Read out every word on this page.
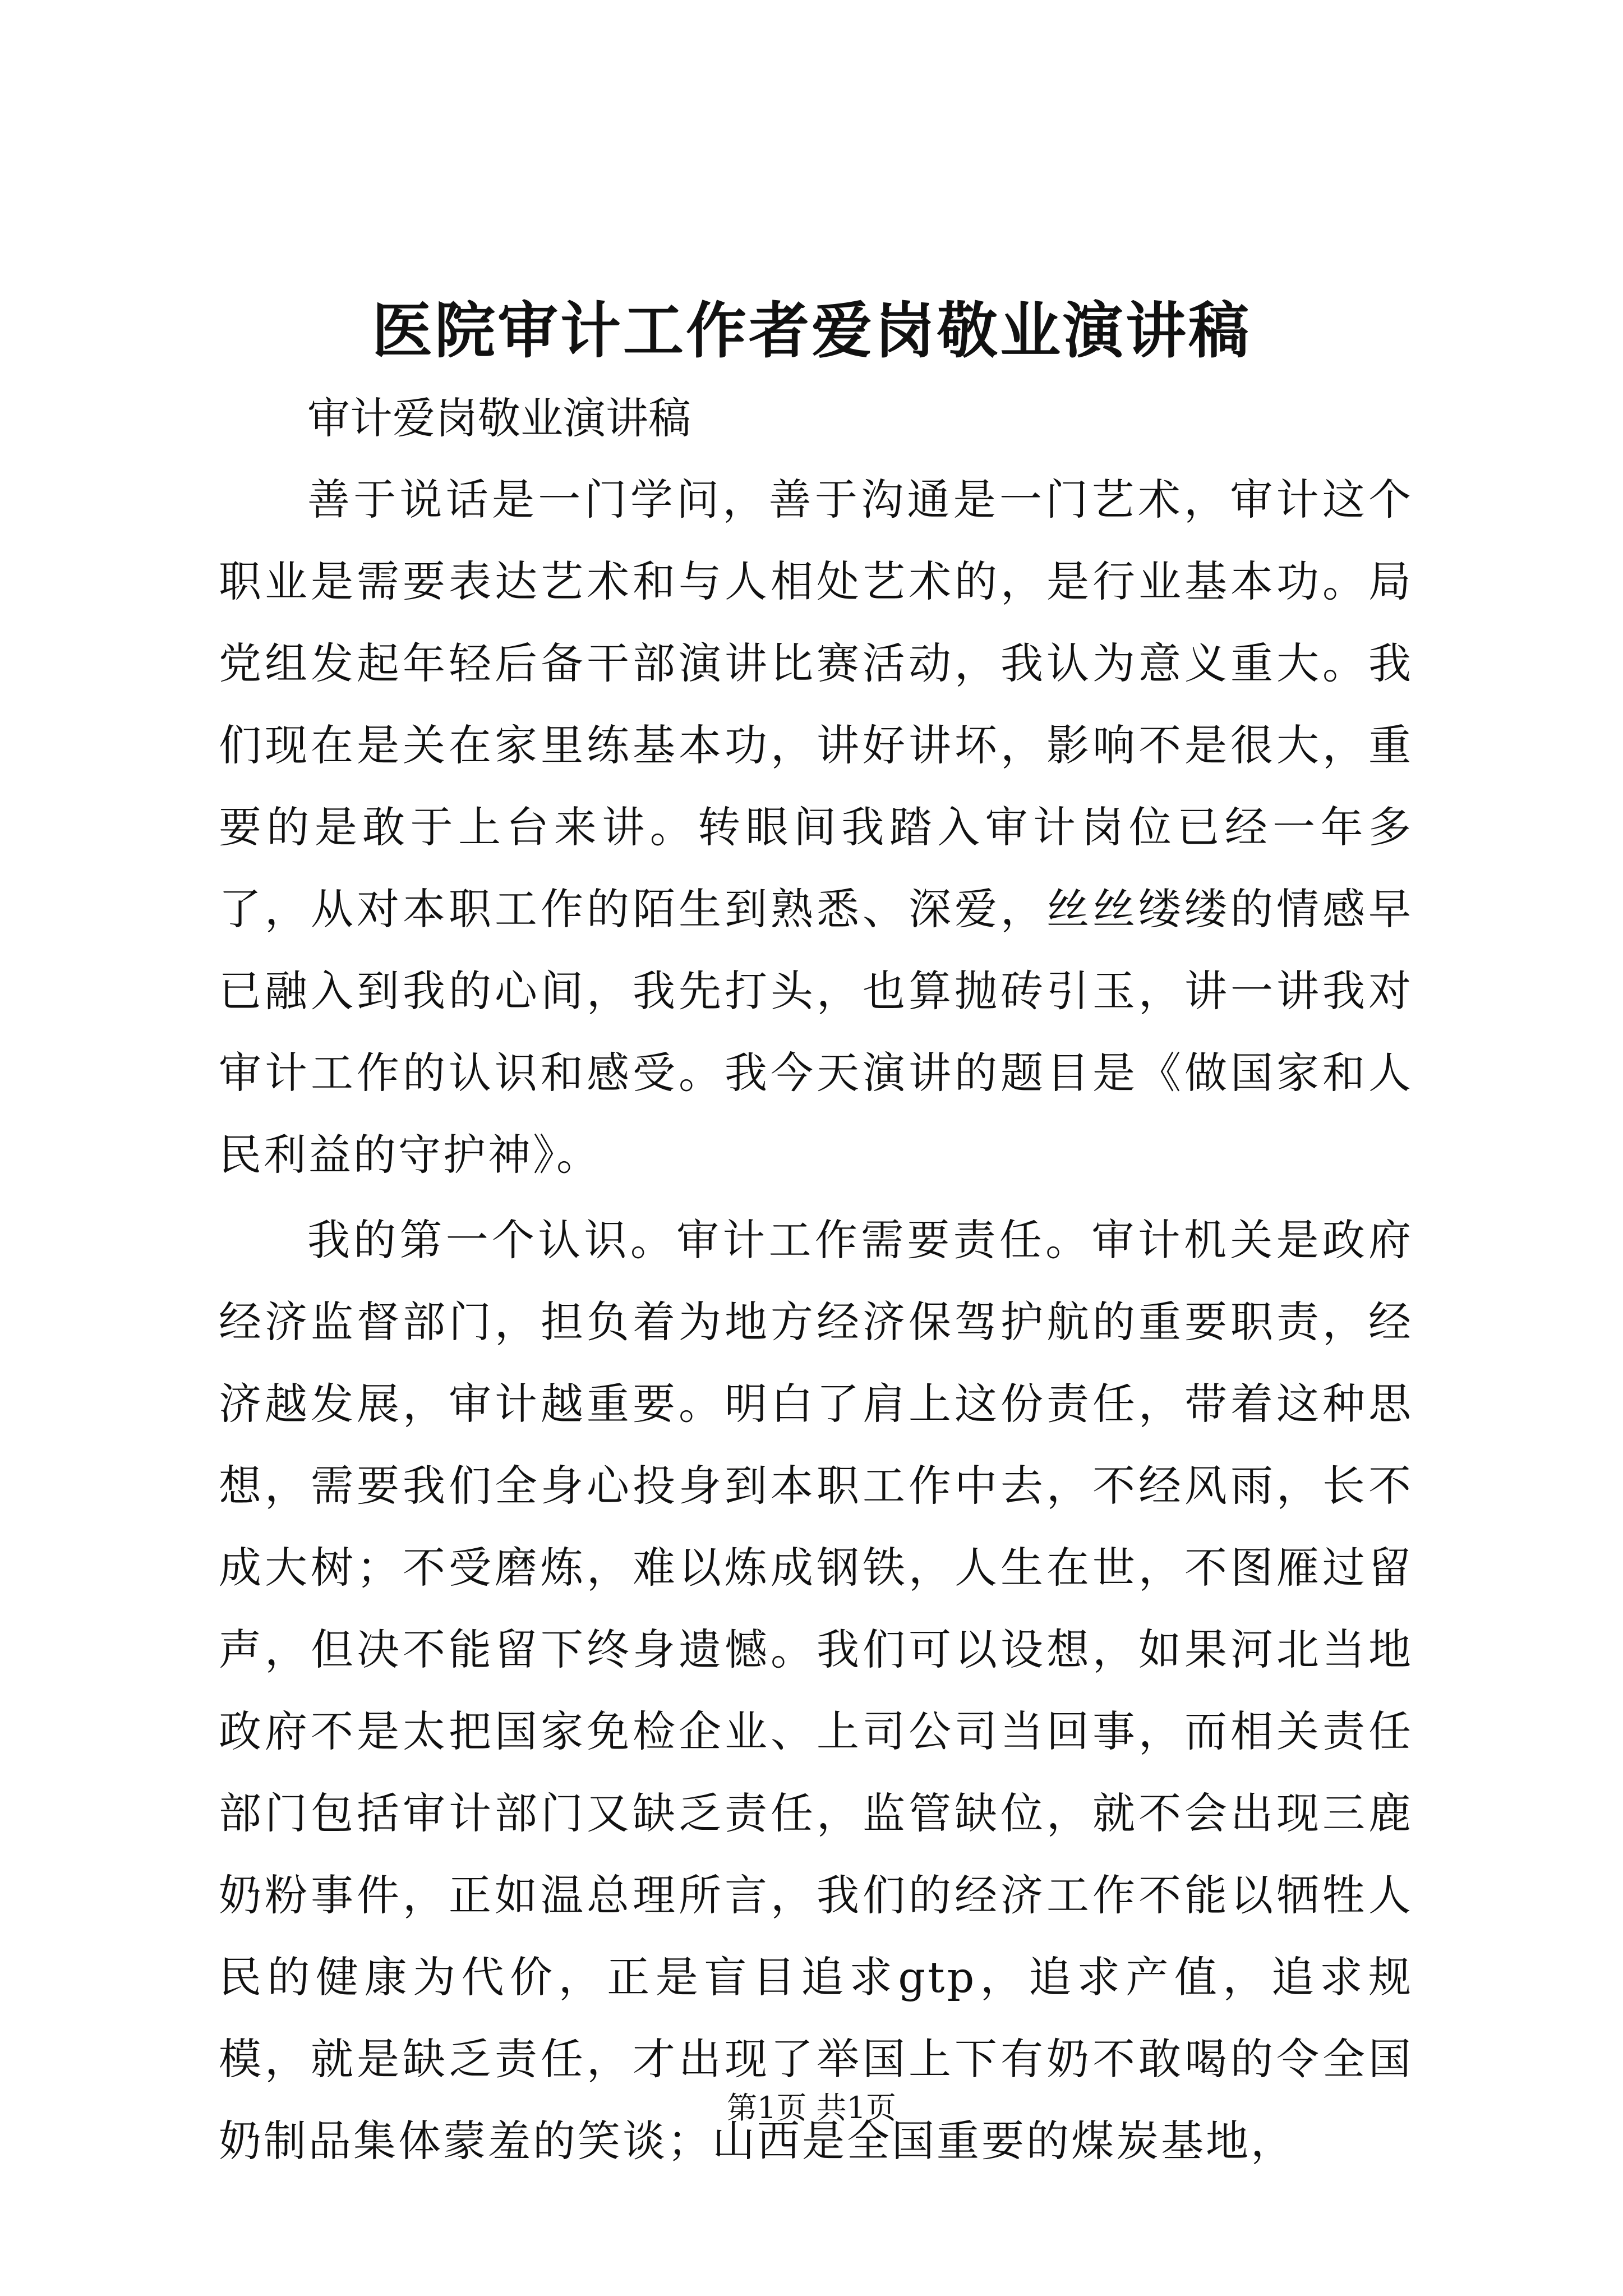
医院审计工作者爱岗敬业演讲稿

审计爱岗敬业演讲稿

善于说话是一门学问，善于沟通是一门艺术，审计这个职业是需要表达艺术和与人相处艺术的，是行业基本功。局党组发起年轻后备干部演讲比赛活动，我认为意义重大。我们现在是关在家里练基本功，讲好讲坏，影响不是很大，重要的是敢于上台来讲。转眼间我踏入审计岗位已经一年多了，从对本职工作的陌生到熟悉、深爱，丝丝缕缕的情感早已融入到我的心间，我先打头，也算抛砖引玉，讲一讲我对审计工作的认识和感受。我今天演讲的题目是《做国家和人民利益的守护神》。

我的第一个认识。审计工作需要责任。审计机关是政府经济监督部门，担负着为地方经济保驾护航的重要职责，经济越发展，审计越重要。明白了肩上这份责任，带着这种思想，需要我们全身心投身到本职工作中去，不经风雨，长不成大树；不受磨炼，难以炼成钢铁，人生在世，不图雁过留声，但决不能留下终身遗憾。我们可以设想，如果河北当地政府不是太把国家免检企业、上司公司当回事，而相关责任部门包括审计部门又缺乏责任，监管缺位，就不会出现三鹿奶粉事件，正如温总理所言，我们的经济工作不能以牺牲人民的健康为代价，正是盲目追求gtp，追求产值，追求规模，就是缺乏责任，才出现了举国上下有奶不敢喝的令全国奶制品集体蒙羞的笑谈；山西是全国重要的煤炭基地，

第1页 共1页
